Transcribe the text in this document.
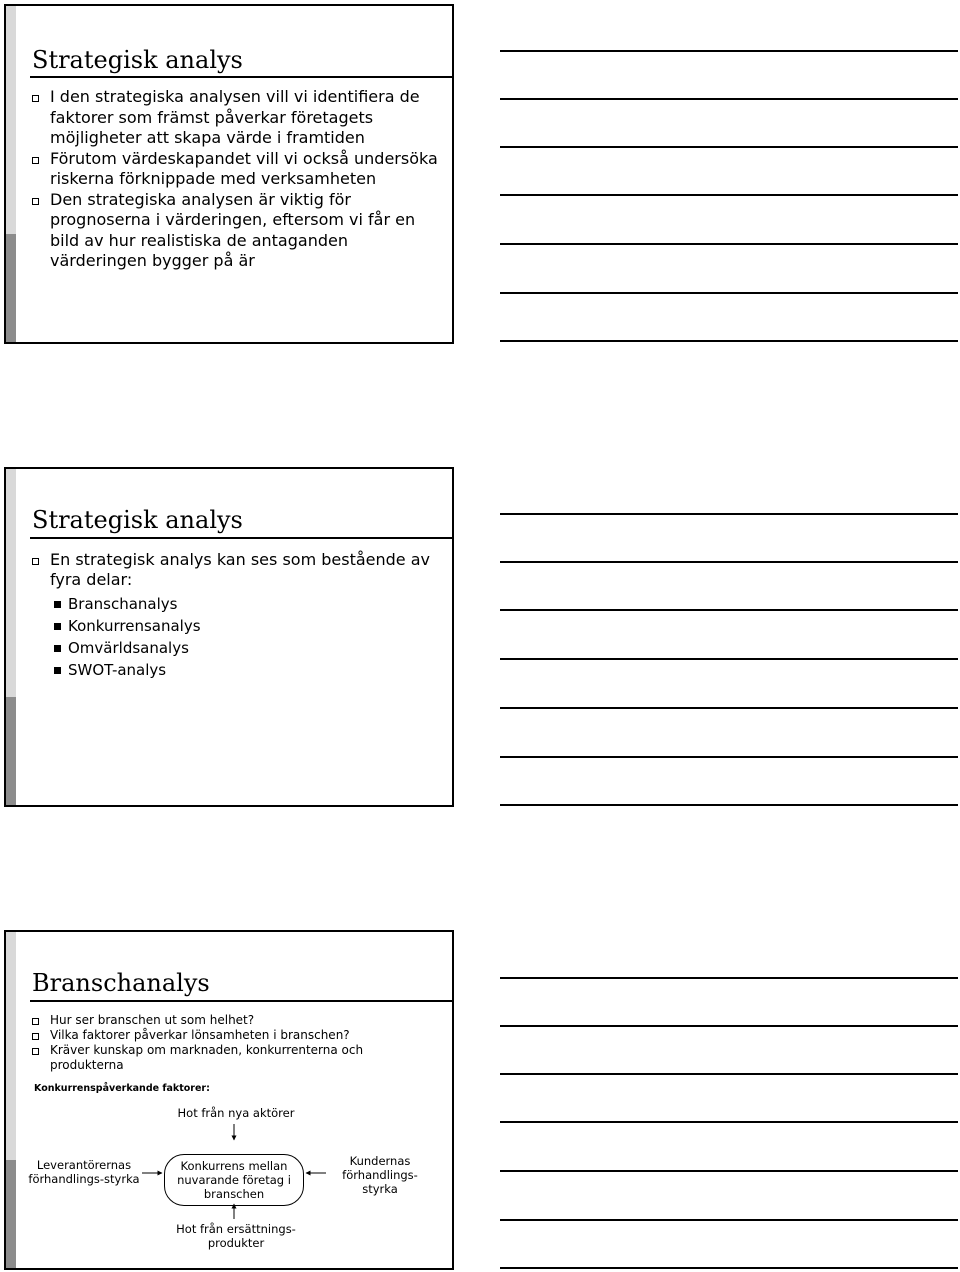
Strategisk analys
I den strategiska analysen vill vi identifiera de faktorer som främst påverkar företagets möjligheter att skapa värde i framtiden
Förutom värdeskapandet vill vi också undersöka riskerna förknippade med verksamheten
Den strategiska analysen är viktig för prognoserna i värderingen, eftersom vi får en bild av hur realistiska de antaganden värderingen bygger på är
Strategisk analys
En strategisk analys kan ses som bestående av fyra delar:
Branschanalys
Konkurrensanalys
Omvärldsanalys
SWOT-analys
Branschanalys
Hur ser branschen ut som helhet?
Vilka faktorer påverkar lönsamheten i branschen?
Kräver kunskap om marknaden, konkurrenterna och produkterna
Konkurrenspåverkande faktorer:
Hot från nya aktörer
Leverantörernas förhandlings-styrka
Konkurrens mellan nuvarande företag i branschen
Kundernas förhandlings-styrka
Hot från ersättnings-produkter
